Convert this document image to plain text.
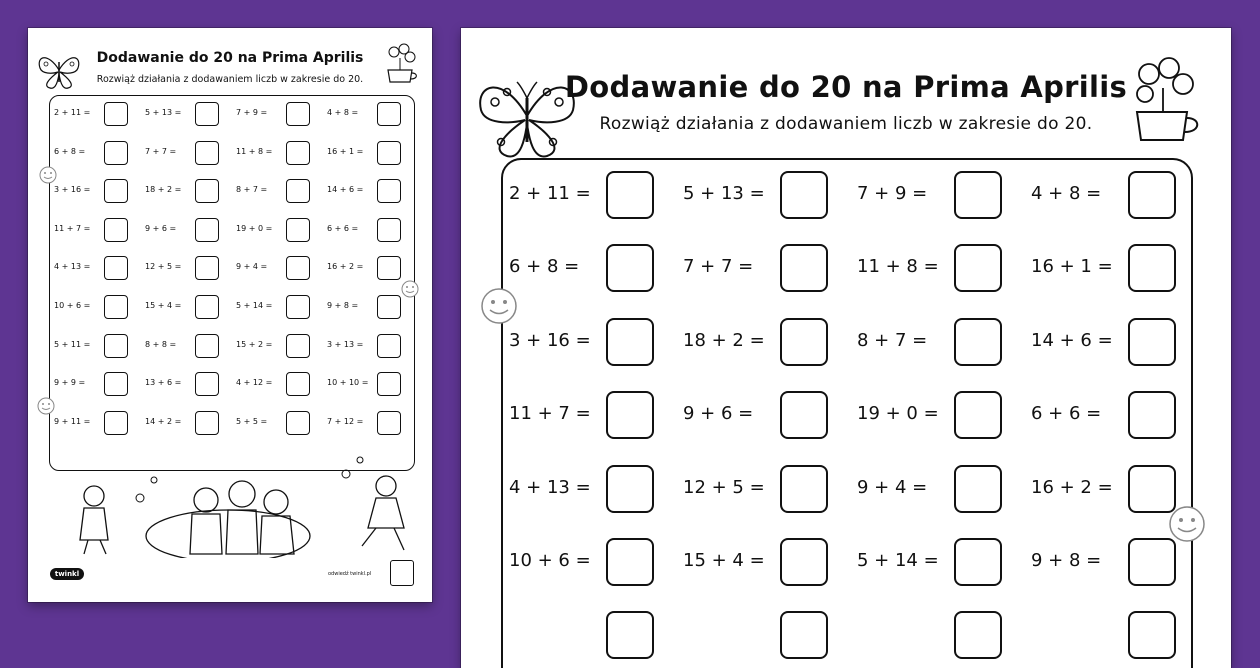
Dodawanie do 20 na Prima Aprilis
Rozwiąż działania z dodawaniem liczb w zakresie do 20.
2 + 11 =	5 + 13 =	7 + 9 =	4 + 8 =
6 + 8 =	7 + 7 =	11 + 8 =	16 + 1 =
3 + 16 =	18 + 2 =	8 + 7 =	14 + 6 =
11 + 7 =	9 + 6 =	19 + 0 =	6 + 6 =
4 + 13 =	12 + 5 =	9 + 4 =	16 + 2 =
10 + 6 =	15 + 4 =	5 + 14 =	9 + 8 =
5 + 11 =	8 + 8 =	15 + 2 =	3 + 13 =
9 + 9 =	13 + 6 =	4 + 12 =	10 + 10 =
9 + 11 =	14 + 2 =	5 + 5 =	7 + 12 =
twinkl	odwiedź twinkl.pl
Dodawanie do 20 na Prima Aprilis
Rozwiąż działania z dodawaniem liczb w zakresie do 20.
2 + 11 =	5 + 13 =	7 + 9 =	4 + 8 =
6 + 8 =	7 + 7 =	11 + 8 =	16 + 1 =
3 + 16 =	18 + 2 =	8 + 7 =	14 + 6 =
11 + 7 =	9 + 6 =	19 + 0 =	6 + 6 =
4 + 13 =	12 + 5 =	9 + 4 =	16 + 2 =
10 + 6 =	15 + 4 =	5 + 14 =	9 + 8 =
